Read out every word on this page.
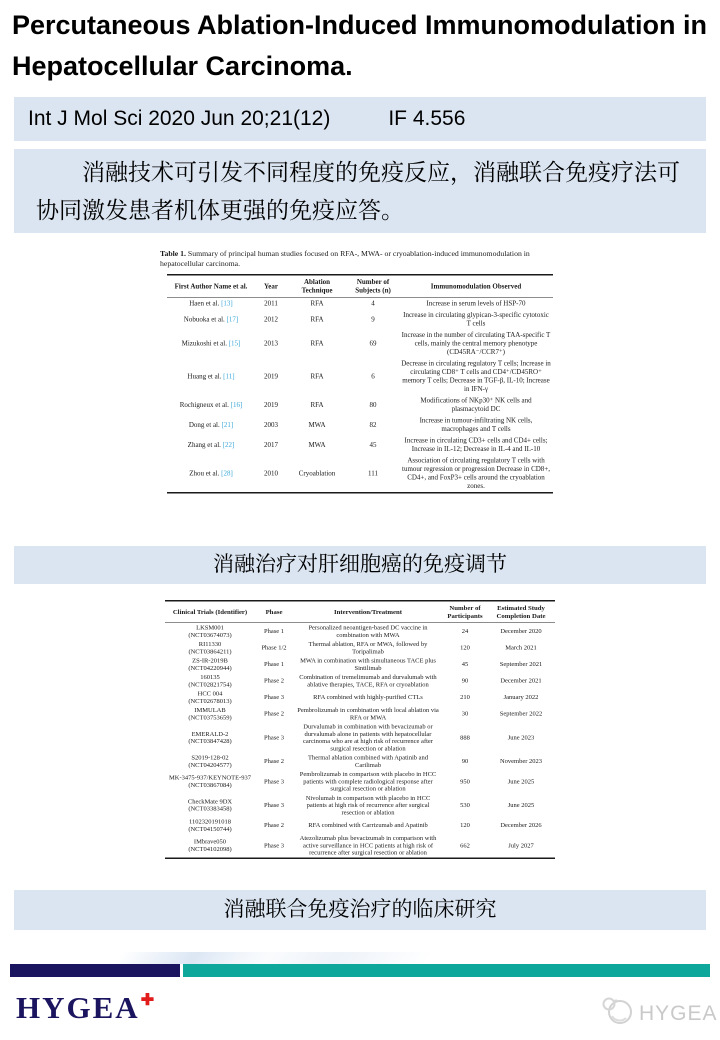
Percutaneous Ablation-Induced Immunomodulation in Hepatocellular Carcinoma.
Int J Mol Sci 2020 Jun 20;21(12)	IF 4.556

消融技术可引发不同程度的免疫反应，消融联合免疫疗法可协同激发患者机体更强的免疫应答。

Table 1. Summary of principal human studies focused on RFA-, MWA- or cryoablation-induced immunomodulation in hepatocellular carcinoma.

First Author Name et al.	Year	Ablation Technique	Number of Subjects (n)	Immunomodulation Observed
Haen et al. [13]	2011	RFA	4	Increase in serum levels of HSP-70
Nobuoka et al. [17]	2012	RFA	9	Increase in circulating glypican-3-specific cytotoxic T cells
Mizukoshi et al. [15]	2013	RFA	69	Increase in the number of circulating TAA-specific T cells, mainly the central memory phenotype (CD45RA⁻/CCR7⁺)
Huang et al. [11]	2019	RFA	6	Decrease in circulating regulatory T cells; Increase in circulating CD8⁺ T cells and CD4⁺/CD45RO⁺ memory T cells; Decrease in TGF-β, IL-10; Increase in IFN-γ
Rochigneux et al. [16]	2019	RFA	80	Modifications of NKp30⁺ NK cells and plasmacytoid DC
Dong et al. [21]	2003	MWA	82	Increase in tumour-infiltrating NK cells, macrophages and T cells
Zhang et al. [22]	2017	MWA	45	Increase in circulating CD3+ cells and CD4+ cells; Increase in IL-12; Decrease in IL-4 and IL-10
Zhou et al. [28]	2010	Cryoablation	111	Association of circulating regulatory T cells with tumour regression or progression Decrease in CD8+, CD4+, and FoxP3+ cells around the cryoablation zones.
消融治疗对肝细胞癌的免疫调节
Clinical Trials (Identifier)	Phase	Intervention/Treatment	Number of Participants	Estimated Study Completion Date

LKSM001
(NCT03674073)	Phase 1	Personalized neoantigen-based DC vaccine in combination with MWA	24	December 2020

RI11330
(NCT03864211)	Phase 1/2	Thermal ablation, RFA or MWA, followed by Toripalimab	120	March 2021

ZS-IR-2019B
(NCT04220944)	Phase 1	MWA in combination with simultaneous TACE plus Sintilimab	45	September 2021

160135
(NCT02821754)	Phase 2	Combination of tremelimumab and durvalumab with ablative therapies, TACE, RFA or cryoablation	90	December 2021

HCC 004
(NCT02678013)	Phase 3	RFA combined with highly-purified CTLs	210	January 2022

IMMULAB
(NCT03753659)	Phase 2	Pembrolizumab in combination with local ablation via RFA or MWA	30	September 2022

EMERALD-2
(NCT03847428)	Phase 3	Durvalumab in combination with bevacizumab or durvalumab alone in patients with hepatocellular carcinoma who are at high risk of recurrence after surgical resection or ablation	888	June 2023

S2019-128-02
(NCT04204577)	Phase 2	Thermal ablation combined with Apatinib and Carilimab	90	November 2023

MK-3475-937/KEYNOTE-937
(NCT03867084)	Phase 3	Pembrolizumab in comparison with placebo in HCC patients with complete radiological response after surgical resection or ablation	950	June 2025

CheckMate 9DX
(NCT03383458)	Phase 3	Nivolumab in comparison with placebo in HCC patients at high risk of recurrence after surgical resection or ablation	530	June 2025

1102320191018
(NCT04150744)	Phase 2	RFA combined with Carrizumab and Apatinib	120	December 2026

IMbrave050
(NCT04102098)	Phase 3	Atezolizumab plus bevacizumab in comparison with active surveillance in HCC patients at high risk of recurrence after surgical resection or ablation	662	July 2027
消融联合免疫治疗的临床研究
HYGEA✚
HYGEA
